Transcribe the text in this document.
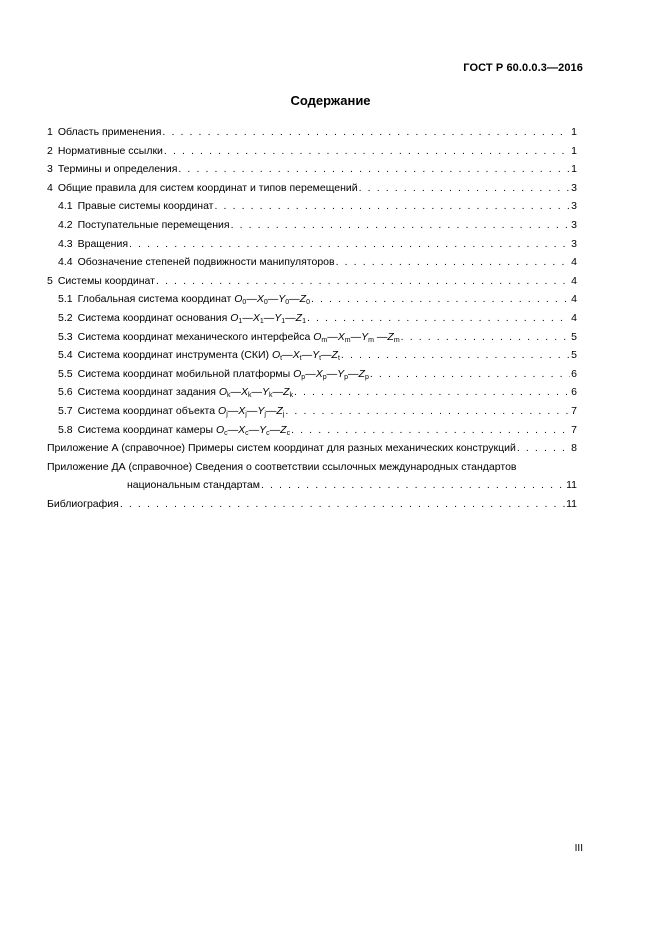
ГОСТ Р 60.0.0.3—2016
Содержание
1 Область применения . . .	1
2 Нормативные ссылки . . .	1
3 Термины и определения . . .	1
4 Общие правила для систем координат и типов перемещений . . .	3
4.1 Правые системы координат . . .	3
4.2 Поступательные перемещения . . .	3
4.3 Вращения . . .	3
4.4 Обозначение степеней подвижности манипуляторов . . .	4
5 Системы координат . . .	4
5.1 Глобальная система координат $O_0—X_0—Y_0—Z_0$ . . .	4
5.2 Система координат основания $O_1—X_1—Y_1—Z_1$ . . .	4
5.3 Система координат механического интерфейса $O_m—X_m—Y_m$ $—Z_m$ . . .	5
5.4 Система координат инструмента (СКИ) $O_t—X_t—Y_t—Z_t$ . . .	5
5.5 Система координат мобильной платформы $O_p—X_p—Y_p—Z_p$ . . .	6
5.6 Система координат задания $O_k—X_k—Y_k—Z_k$ . . .	6
5.7 Система координат объекта $O_j—X_j—Y_j—Z_j$ . . .	7
5.8 Система координат камеры $O_c—X_c—Y_c—Z_c$ . . .	7
Приложение А (справочное) Примеры систем координат для разных механических конструкций . . .	8
Приложение ДА (справочное) Сведения о соответствии ссылочных международных стандартов
национальным стандартам . . .	11
Библиография . . .	11
III
